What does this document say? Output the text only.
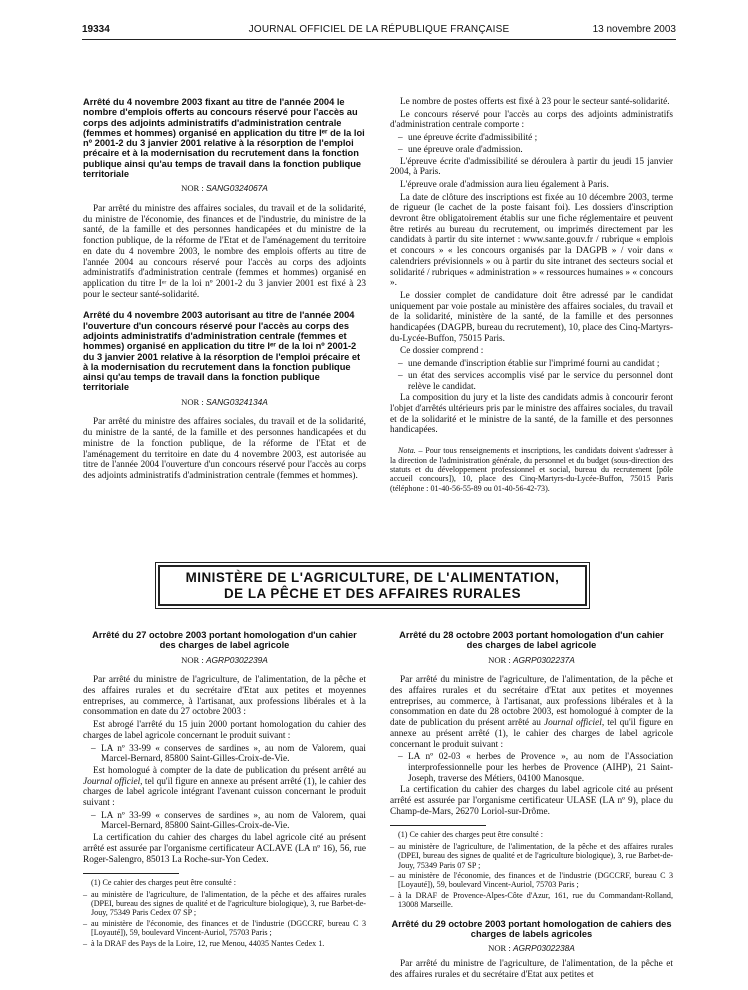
19334	JOURNAL OFFICIEL DE LA RÉPUBLIQUE FRANÇAISE	13 novembre 2003
Arrêté du 4 novembre 2003 fixant au titre de l'année 2004 le nombre d'emplois offerts au concours réservé pour l'accès au corps des adjoints administratifs d'administration centrale (femmes et hommes) organisé en application du titre Iᵉʳ de la loi nº 2001-2 du 3 janvier 2001 relative à la résorption de l'emploi précaire et à la modernisation du recrutement dans la fonction publique ainsi qu'au temps de travail dans la fonction publique territoriale
NOR : SANG0324067A

Par arrêté du ministre des affaires sociales, du travail et de la solidarité, du ministre de l'économie, des finances et de l'industrie, du ministre de la santé, de la famille et des personnes handicapées et du ministre de la fonction publique, de la réforme de l'Etat et de l'aménagement du territoire en date du 4 novembre 2003, le nombre des emplois offerts au titre de l'année 2004 au concours réservé pour l'accès au corps des adjoints administratifs d'administration centrale (femmes et hommes) organisé en application du titre Iᵉʳ de la loi nº 2001-2 du 3 janvier 2001 est fixé à 23 pour le secteur santé-solidarité.

Arrêté du 4 novembre 2003 autorisant au titre de l'année 2004 l'ouverture d'un concours réservé pour l'accès au corps des adjoints administratifs d'administration centrale (femmes et hommes) organisé en application du titre Iᵉʳ de la loi nº 2001-2 du 3 janvier 2001 relative à la résorption de l'emploi précaire et à la modernisation du recrutement dans la fonction publique ainsi qu'au temps de travail dans la fonction publique territoriale
NOR : SANG0324134A

Par arrêté du ministre des affaires sociales, du travail et de la solidarité, du ministre de la santé, de la famille et des personnes handicapées et du ministre de la fonction publique, de la réforme de l'Etat et de l'aménagement du territoire en date du 4 novembre 2003, est autorisée au titre de l'année 2004 l'ouverture d'un concours réservé pour l'accès au corps des adjoints administratifs d'administration centrale (femmes et hommes).

Le nombre de postes offerts est fixé à 23 pour le secteur santé-solidarité.

Le concours réservé pour l'accès au corps des adjoints administratifs d'administration centrale comporte :

– une épreuve écrite d'admissibilité ;
– une épreuve orale d'admission.

L'épreuve écrite d'admissibilité se déroulera à partir du jeudi 15 janvier 2004, à Paris.

L'épreuve orale d'admission aura lieu également à Paris.

La date de clôture des inscriptions est fixée au 10 décembre 2003, terme de rigueur (le cachet de la poste faisant foi). Les dossiers d'inscription devront être obligatoirement établis sur une fiche réglementaire et peuvent être retirés au bureau du recrutement, ou imprimés directement par les candidats à partir du site internet : www.sante.gouv.fr / rubrique « emplois et concours » « les concours organisés par la DAGPB » / voir dans « calendriers prévisionnels » ou à partir du site intranet des secteurs social et solidarité / rubriques « administration » « ressources humaines » « concours ».

Le dossier complet de candidature doit être adressé par le candidat uniquement par voie postale au ministère des affaires sociales, du travail et de la solidarité, ministère de la santé, de la famille et des personnes handicapées (DAGPB, bureau du recrutement), 10, place des Cinq-Martyrs-du-Lycée-Buffon, 75015 Paris.

Ce dossier comprend :

– une demande d'inscription établie sur l'imprimé fourni au candidat ;
– un état des services accomplis visé par le service du personnel dont relève le candidat.

La composition du jury et la liste des candidats admis à concourir feront l'objet d'arrêtés ultérieurs pris par le ministre des affaires sociales, du travail et de la solidarité et le ministre de la santé, de la famille et des personnes handicapées.

Nota. – Pour tous renseignements et inscriptions, les candidats doivent s'adresser à la direction de l'administration générale, du personnel et du budget (sous-direction des statuts et du développement professionnel et social, bureau du recrutement [pôle accueil concours]), 10, place des Cinq-Martyrs-du-Lycée-Buffon, 75015 Paris (téléphone : 01-40-56-55-89 ou 01-40-56-42-73).

MINISTÈRE DE L'AGRICULTURE, DE L'ALIMENTATION,
DE LA PÊCHE ET DES AFFAIRES RURALES
Arrêté du 27 octobre 2003 portant homologation d'un cahier des charges de label agricole
NOR : AGRP0302239A

Par arrêté du ministre de l'agriculture, de l'alimentation, de la pêche et des affaires rurales et du secrétaire d'Etat aux petites et moyennes entreprises, au commerce, à l'artisanat, aux professions libérales et à la consommation en date du 27 octobre 2003 :

Est abrogé l'arrêté du 15 juin 2000 portant homologation du cahier des charges de label agricole concernant le produit suivant :

– LA nº 33-99 « conserves de sardines », au nom de Valorem, quai Marcel-Bernard, 85800 Saint-Gilles-Croix-de-Vie.

Est homologué à compter de la date de publication du présent arrêté au Journal officiel, tel qu'il figure en annexe au présent arrêté (1), le cahier des charges de label agricole intégrant l'avenant cuisson concernant le produit suivant :

– LA nº 33-99 « conserves de sardines », au nom de Valorem, quai Marcel-Bernard, 85800 Saint-Gilles-Croix-de-Vie.

La certification du cahier des charges du label agricole cité au présent arrêté est assurée par l'organisme certificateur ACLAVE (LA nº 16), 56, rue Roger-Salengro, 85013 La Roche-sur-Yon Cedex.

(1) Ce cahier des charges peut être consulté :

– au ministère de l'agriculture, de l'alimentation, de la pêche et des affaires rurales (DPEI, bureau des signes de qualité et de l'agriculture biologique), 3, rue Barbet-de-Jouy, 75349 Paris Cedex 07 SP ;
– au ministère de l'économie, des finances et de l'industrie (DGCCRF, bureau C 3 [Loyauté]), 59, boulevard Vincent-Auriol, 75703 Paris ;
– à la DRAF des Pays de la Loire, 12, rue Menou, 44035 Nantes Cedex 1.
Arrêté du 28 octobre 2003 portant homologation d'un cahier des charges de label agricole
NOR : AGRP0302237A

Par arrêté du ministre de l'agriculture, de l'alimentation, de la pêche et des affaires rurales et du secrétaire d'Etat aux petites et moyennes entreprises, au commerce, à l'artisanat, aux professions libérales et à la consommation en date du 28 octobre 2003, est homologué à compter de la date de publication du présent arrêté au Journal officiel, tel qu'il figure en annexe au présent arrêté (1), le cahier des charges de label agricole concernant le produit suivant :

– LA nº 02-03 « herbes de Provence », au nom de l'Association interprofessionnelle pour les herbes de Provence (AIHP), 21 Saint-Joseph, traverse des Métiers, 04100 Manosque.

La certification du cahier des charges du label agricole cité au présent arrêté est assurée par l'organisme certificateur ULASE (LA nº 9), place du Champ-de-Mars, 26270 Loriol-sur-Drôme.

(1) Ce cahier des charges peut être consulté :

– au ministère de l'agriculture, de l'alimentation, de la pêche et des affaires rurales (DPEI, bureau des signes de qualité et de l'agriculture biologique), 3, rue Barbet-de-Jouy, 75349 Paris 07 SP ;
– au ministère de l'économie, des finances et de l'industrie (DGCCRF, bureau C 3 [Loyauté]), 59, boulevard Vincent-Auriol, 75703 Paris ;
– à la DRAF de Provence-Alpes-Côte d'Azur, 161, rue du Commandant-Rolland, 13008 Marseille.
Arrêté du 29 octobre 2003 portant homologation de cahiers des charges de labels agricoles
NOR : AGRP0302238A

Par arrêté du ministre de l'agriculture, de l'alimentation, de la pêche et des affaires rurales et du secrétaire d'Etat aux petites et
